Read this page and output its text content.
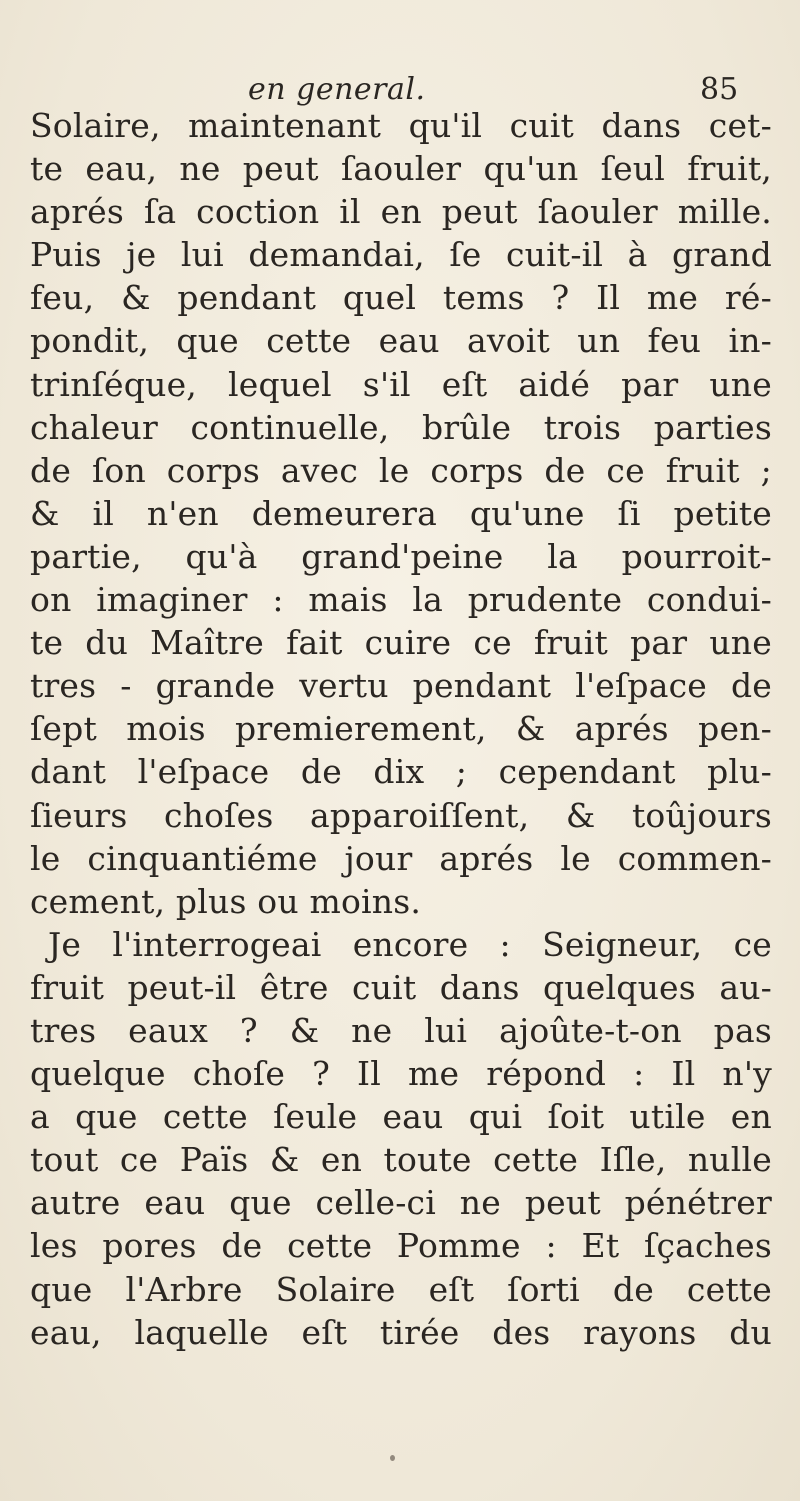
en general.	85
Solaire, maintenant qu'il cuit dans cet-
te eau, ne peut ſaouler qu'un ſeul fruit,
aprés ſa coction il en peut ſaouler mille.
Puis je lui demandai, ſe cuit-il à grand
feu, & pendant quel tems ? Il me ré-
pondit, que cette eau avoit un feu in-
trinſéque, lequel s'il eſt aidé par une
chaleur continuelle, brûle trois parties
de ſon corps avec le corps de ce fruit ;
& il n'en demeurera qu'une ſi petite
partie, qu'à grand'peine la pourroit-
on imaginer : mais la prudente condui-
te du Maître fait cuire ce fruit par une
tres - grande vertu pendant l'eſpace de
ſept mois premierement, & aprés pen-
dant l'eſpace de dix ; cependant plu-
ſieurs choſes apparoiſſent, & toûjours
le cinquantiéme jour aprés le commen-
cement, plus ou moins.
Je l'interrogeai encore : Seigneur, ce
fruit peut-il être cuit dans quelques au-
tres eaux ? & ne lui ajoûte-t-on pas
quelque choſe ? Il me répond : Il n'y
a que cette ſeule eau qui ſoit utile en
tout ce Païs & en toute cette Iſle, nulle
autre eau que celle-ci ne peut pénétrer
les pores de cette Pomme : Et ſçaches
que l'Arbre Solaire eſt ſorti de cette
eau, laquelle eſt tirée des rayons du
